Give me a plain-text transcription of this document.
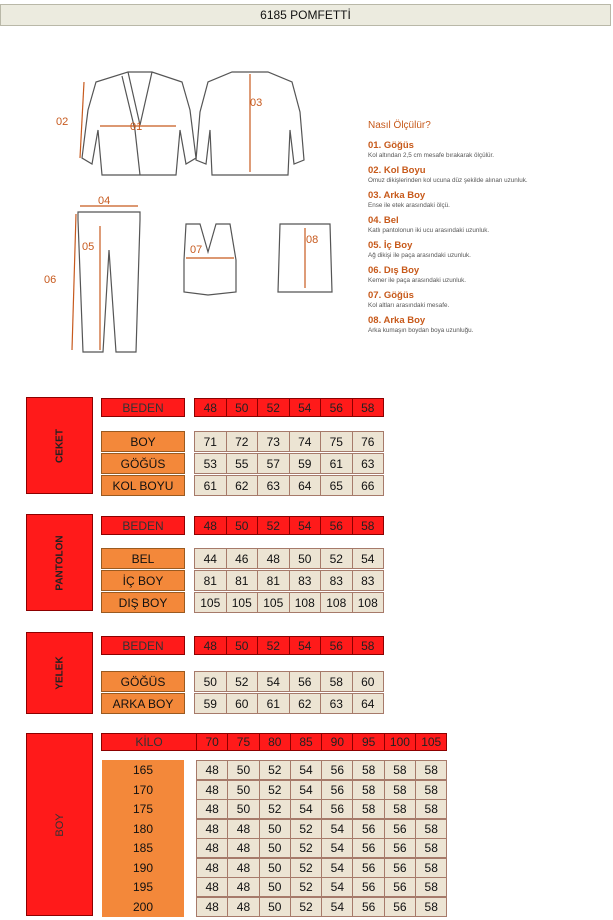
6185 POMFETTİ
01
02
03
04
05
06
07
08
Nasıl Ölçülür?
01. Göğüs
Kol altından 2,5 cm mesafe bırakarak ölçülür.
02. Kol Boyu
Omuz dikişlerinden kol ucuna düz şekilde alınan uzunluk.
03. Arka Boy
Ense ile etek arasındaki ölçü.
04. Bel
Katlı pantolonun iki ucu arasındaki uzunluk.
05. İç Boy
Ağ dikişi ile paça arasındaki uzunluk.
06. Dış Boy
Kemer ile paça arasındaki uzunluk.
07. Göğüs
Kol altları arasındaki mesafe.
08. Arka Boy
Arka kumaşın boydan boya uzunluğu.
CEKET
BEDEN	48	50	52	54	56	58
BOY	71	72	73	74	75	76
GÖĞÜS	53	55	57	59	61	63
KOL BOYU	61	62	63	64	65	66
PANTOLON
BEDEN	48	50	52	54	56	58
BEL	44	46	48	50	52	54
İÇ BOY	81	81	81	83	83	83
DIŞ BOY	105 105 105 108 108 108
YELEK
BEDEN	48	50	52	54	56	58
GÖĞÜS	50	52	54	56	58	60
ARKA BOY	59	60	61	62	63	64
BOY
KİLO	70	75	80	85	90	95	100 105
165	48	50	52	54	56	58	58	58
170	48	50	52	54	56	58	58	58
175	48	50	52	54	56	58	58	58
180	48	48	50	52	54	56	56	58
185	48	48	50	52	54	56	56	58
190	48	48	50	52	54	56	56	58
195	48	48	50	52	54	56	56	58
200	48	48	50	52	54	56	56	58
